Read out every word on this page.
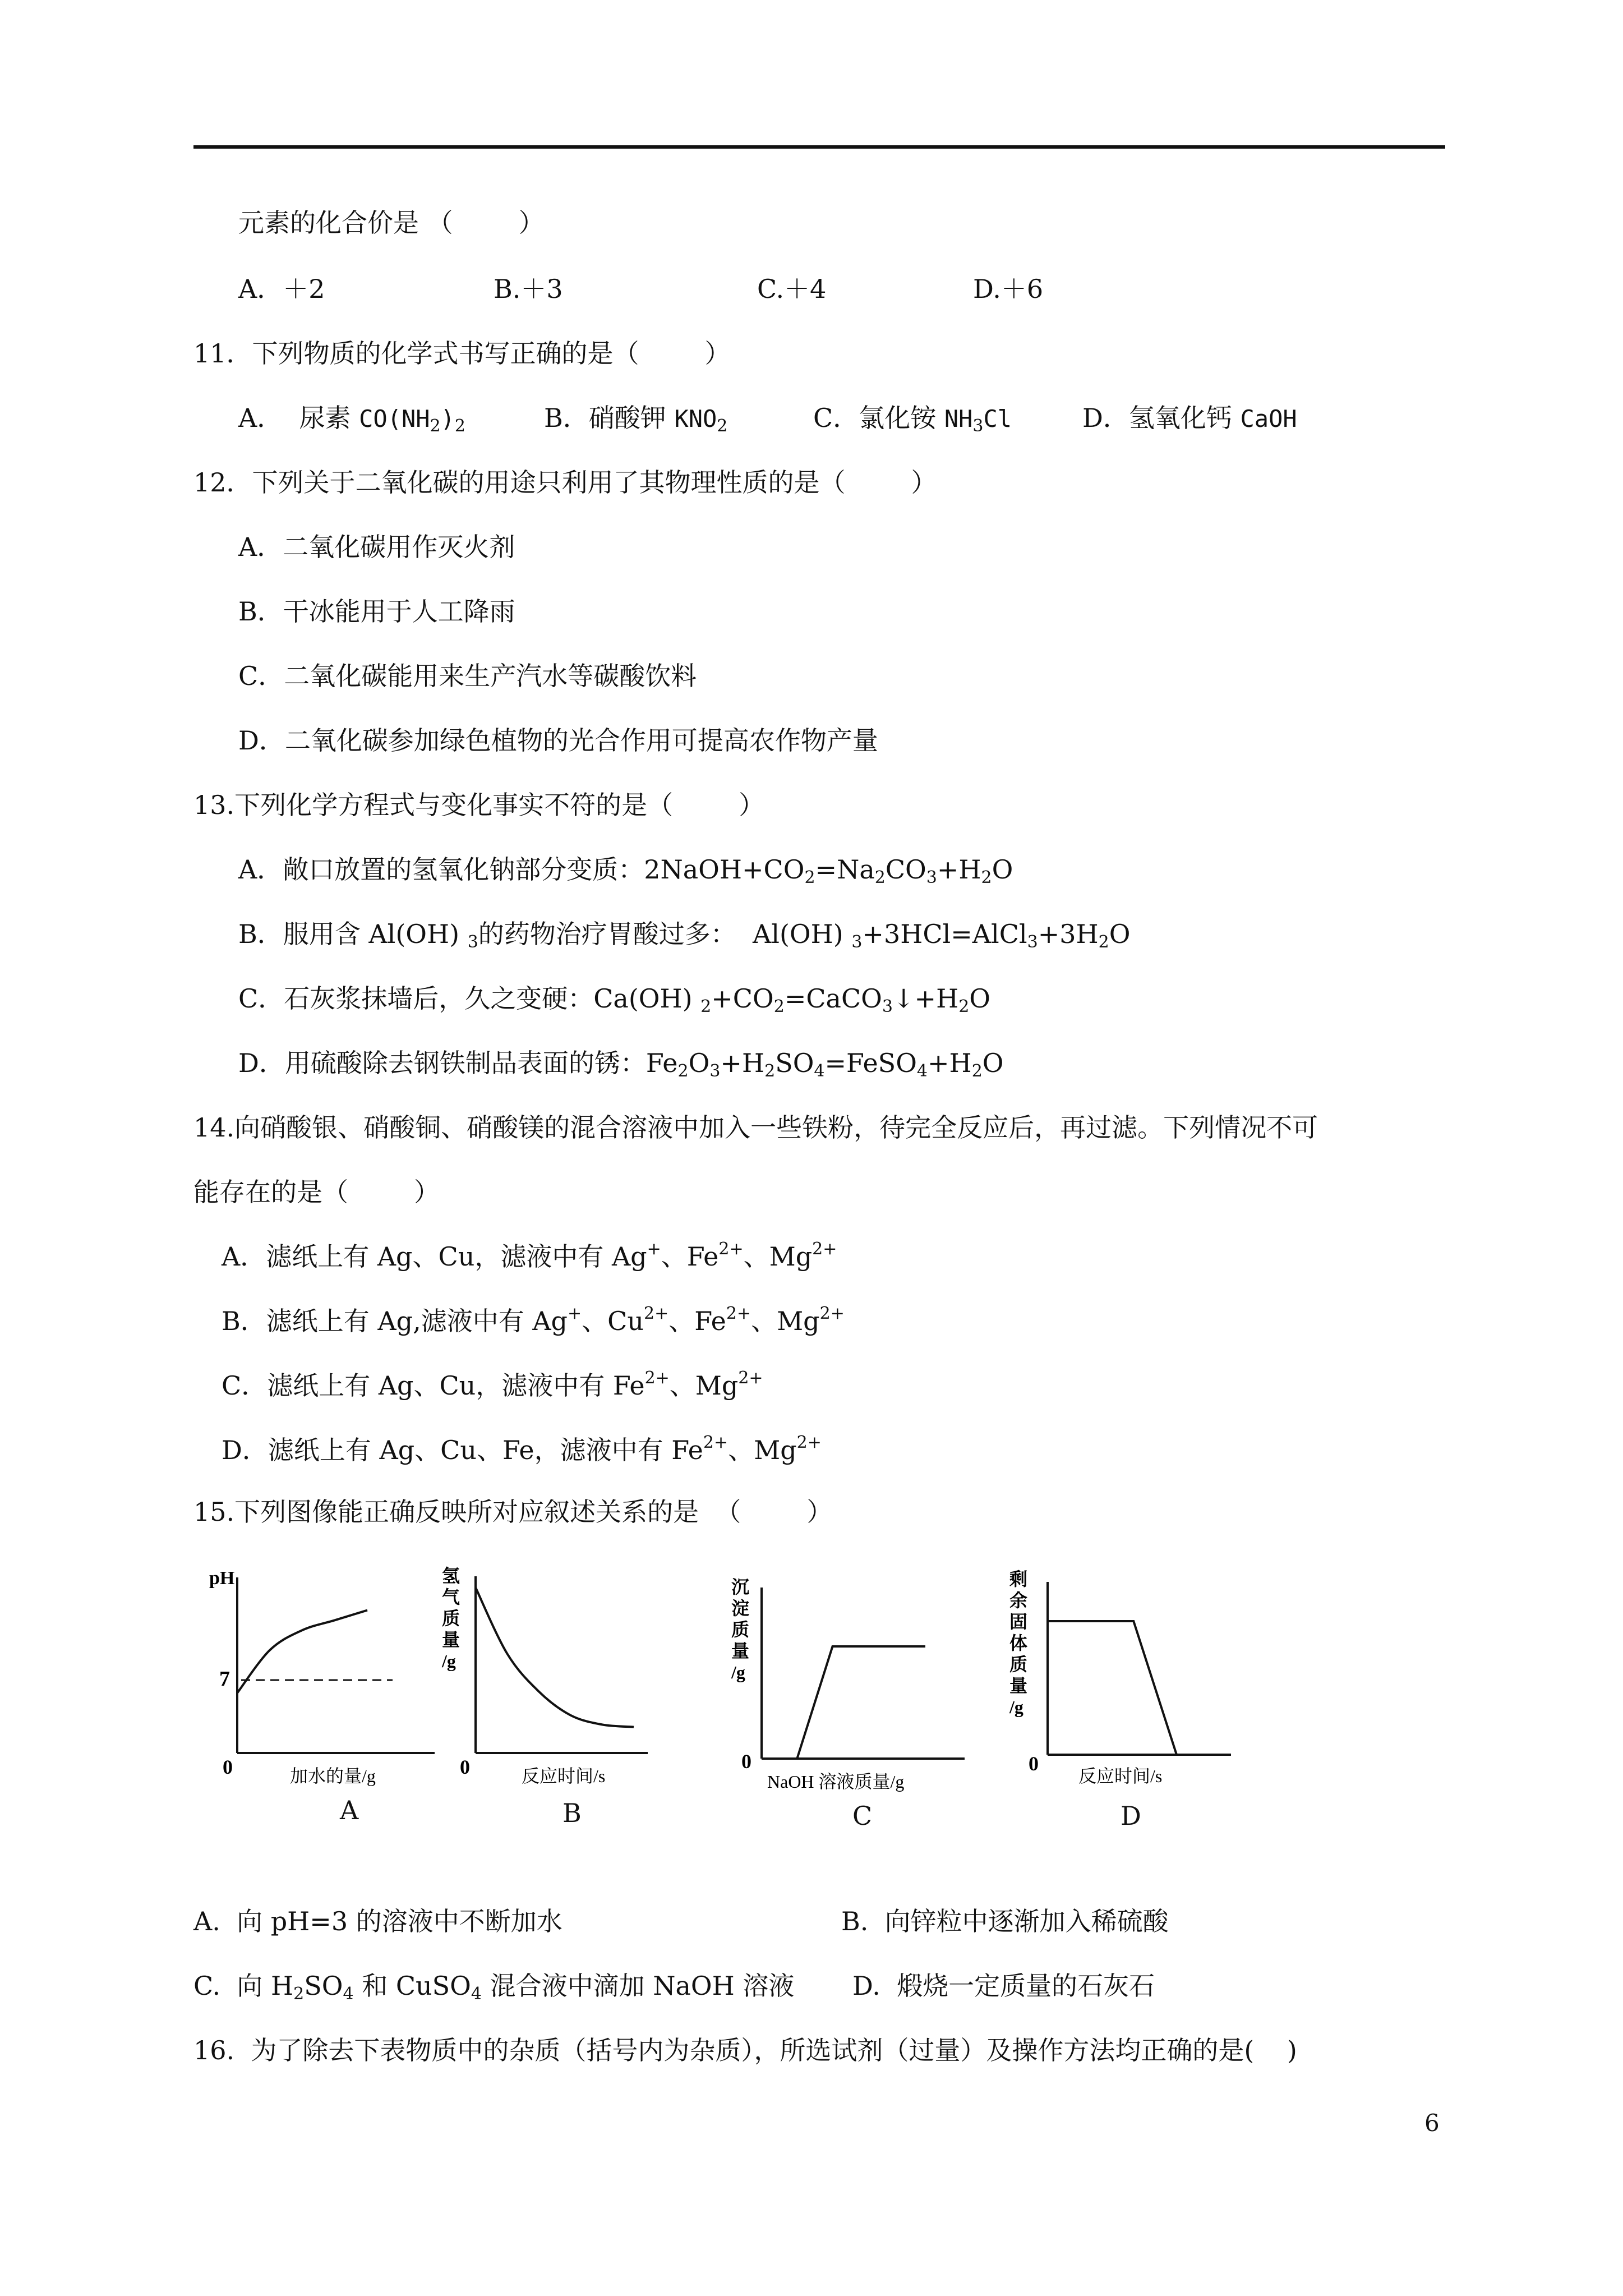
元素的化合价是 （        ）
A．＋2	B.＋3	C.＋4	D.＋6
11．下列物质的化学式书写正确的是（        ）
A．  尿素 $CO(NH_2)_2$	B．硝酸钾 $KNO_2$	C．氯化铵 $NH_3Cl$	D．氢氧化钙 CaOH
12．下列关于二氧化碳的用途只利用了其物理性质的是（        ）
A．二氧化碳用作灭火剂
B．干冰能用于人工降雨
C．二氧化碳能用来生产汽水等碳酸饮料
D．二氧化碳参加绿色植物的光合作用可提高农作物产量
13.下列化学方程式与变化事实不符的是（        ）
A．敞口放置的氢氧化钠部分变质：$2NaOH+CO_2=Na_2CO_3+H_2O$
B．服用含 Al(OH) $_3$的药物治疗胃酸过多：  Al(OH) $_3+3HCl=AlCl_3+3H_2O$
C．石灰浆抹墙后，久之变硬：Ca(OH) $_2+CO_2=CaCO_3↓+H_2O$
D．用硫酸除去钢铁制品表面的锈：$Fe_2O_3+H_2SO_4=FeSO_4+H_2O$
14.向硝酸银、硝酸铜、硝酸镁的混合溶液中加入一些铁粉，待完全反应后，再过滤。下列情况不可
能存在的是（        ）
A．滤纸上有 Ag、Cu，滤液中有 Ag+、$Fe^{2+}$、$Mg^{2+}$
B．滤纸上有 Ag,滤液中有 Ag+、$Cu^{2+}$、$Fe^{2+}$、$Mg^{2+}$
C．滤纸上有 Ag、Cu，滤液中有 $Fe^{2+}$、$Mg^{2+}$
D．滤纸上有 Ag、Cu、Fe，滤液中有 $Fe^{2+}$、$Mg^{2+}$
15.下列图像能正确反映所对应叙述关系的是  （        ）
pH
7
0	加水的量/g
A
氢
气
质
量
/g
0	反应时间/s
B
沉
淀
质
量
/g
0
NaOH 溶液质量/g
C
剩
余
固
体
质
量
/g
0
反应时间/s
D
A.  向 pH=3 的溶液中不断加水	B.  向锌粒中逐渐加入稀硫酸
C.  向 $H_2SO_4$ 和 CuSO$_4$ 混合液中滴加 NaOH 溶液 D.  煅烧一定质量的石灰石
16.  为了除去下表物质中的杂质（括号内为杂质），所选试剂（过量）及操作方法均正确的是(    )
6
